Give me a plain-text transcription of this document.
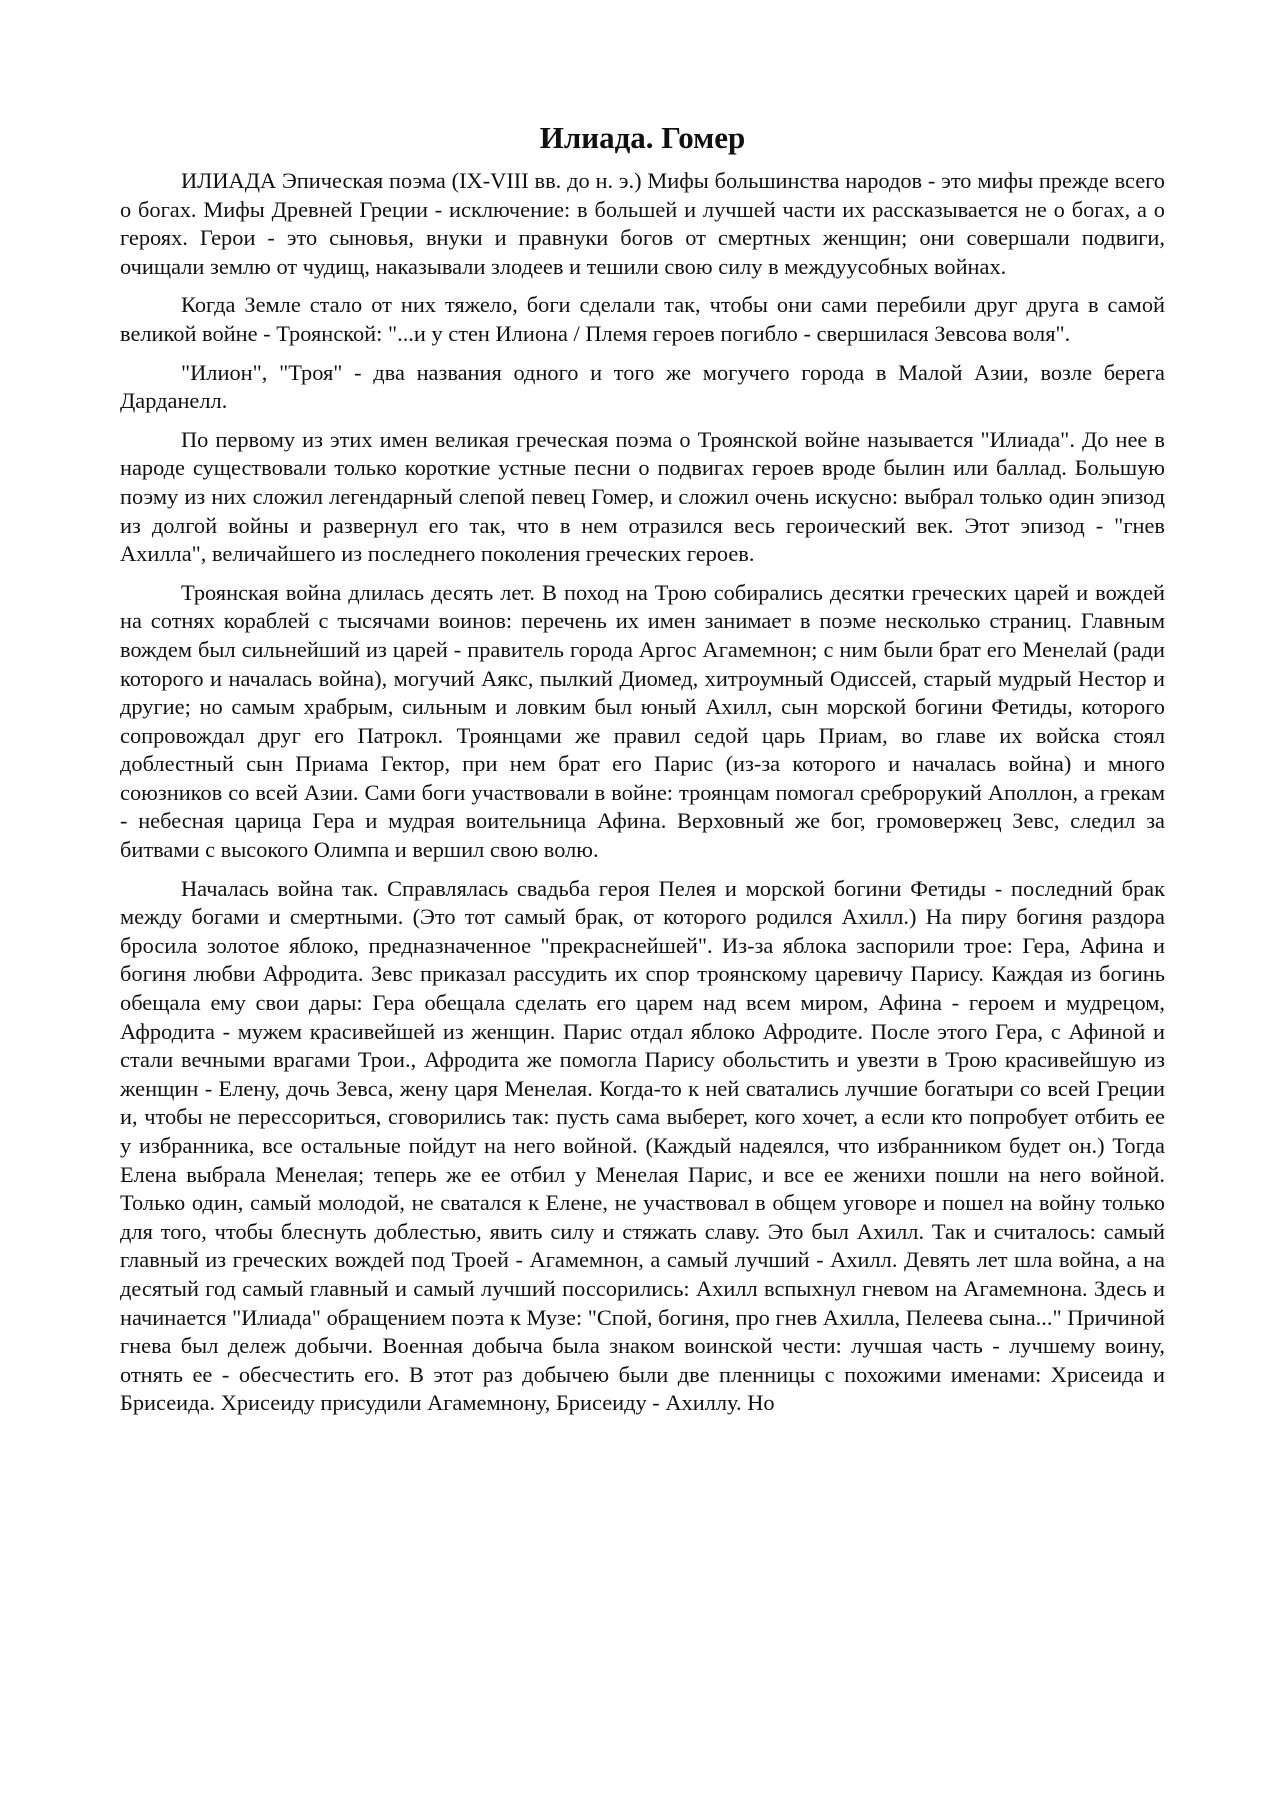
Илиада. Гомер

ИЛИАДА Эпическая поэма (IX-VIII вв. до н. э.) Мифы большинства народов - это мифы прежде всего о богах. Мифы Древней Греции - исключение: в большей и лучшей части их рассказывается не о богах, а о героях. Герои - это сыновья, внуки и правнуки богов от смертных женщин; они совершали подвиги, очищали землю от чудищ, наказывали злодеев и тешили свою силу в междуусобных войнах.

Когда Земле стало от них тяжело, боги сделали так, чтобы они сами перебили друг друга в самой великой войне - Троянской: "...и у стен Илиона / Племя героев погибло - свершилася Зевсова воля".

"Илион", "Троя" - два названия одного и того же могучего города в Малой Азии, возле берега Дарданелл.

По первому из этих имен великая греческая поэма о Троянской войне называется "Илиада". До нее в народе существовали только короткие устные песни о подвигах героев вроде былин или баллад. Большую поэму из них сложил легендарный слепой певец Гомер, и сложил очень искусно: выбрал только один эпизод из долгой войны и развернул его так, что в нем отразился весь героический век. Этот эпизод - "гнев Ахилла", величайшего из последнего поколения греческих героев.

Троянская война длилась десять лет. В поход на Трою собирались десятки греческих царей и вождей на сотнях кораблей с тысячами воинов: перечень их имен занимает в поэме несколько страниц. Главным вождем был сильнейший из царей - правитель города Аргос Агамемнон; с ним были брат его Менелай (ради которого и началась война), могучий Аякс, пылкий Диомед, хитроумный Одиссей, старый мудрый Нестор и другие; но самым храбрым, сильным и ловким был юный Ахилл, сын морской богини Фетиды, которого сопровождал друг его Патрокл. Троянцами же правил седой царь Приам, во главе их войска стоял доблестный сын Приама Гектор, при нем брат его Парис (из-за которого и началась война) и много союзников со всей Азии. Сами боги участвовали в войне: троянцам помогал среброрукий Аполлон, а грекам - небесная царица Гера и мудрая воительница Афина. Верховный же бог, громовержец Зевс, следил за битвами с высокого Олимпа и вершил свою волю.

Началась война так. Справлялась свадьба героя Пелея и морской богини Фетиды - последний брак между богами и смертными. (Это тот самый брак, от которого родился Ахилл.) На пиру богиня раздора бросила золотое яблоко, предназначенное "прекраснейшей". Из-за яблока заспорили трое: Гера, Афина и богиня любви Афродита. Зевс приказал рассудить их спор троянскому царевичу Парису. Каждая из богинь обещала ему свои дары: Гера обещала сделать его царем над всем миром, Афина - героем и мудрецом, Афродита - мужем красивейшей из женщин. Парис отдал яблоко Афродите. После этого Гера, с Афиной и стали вечными врагами Трои., Афродита же помогла Парису обольстить и увезти в Трою красивейшую из женщин - Елену, дочь Зевса, жену царя Менелая. Когда-то к ней сватались лучшие богатыри со всей Греции и, чтобы не перессориться, сговорились так: пусть сама выберет, кого хочет, а если кто попробует отбить ее у избранника, все остальные пойдут на него войной. (Каждый надеялся, что избранником будет он.) Тогда Елена выбрала Менелая; теперь же ее отбил у Менелая Парис, и все ее женихи пошли на него войной. Только один, самый молодой, не сватался к Елене, не участвовал в общем уговоре и пошел на войну только для того, чтобы блеснуть доблестью, явить силу и стяжать славу. Это был Ахилл. Так и считалось: самый главный из греческих вождей под Троей - Агамемнон, а самый лучший - Ахилл. Девять лет шла война, а на десятый год самый главный и самый лучший поссорились: Ахилл вспыхнул гневом на Агамемнона. Здесь и начинается "Илиада" обращением поэта к Музе: "Спой, богиня, про гнев Ахилла, Пелеева сына..." Причиной гнева был дележ добычи. Военная добыча была знаком воинской чести: лучшая часть - лучшему воину, отнять ее - обесчестить его. В этот раз добычею были две пленницы с похожими именами: Хрисеида и Брисеида. Хрисеиду присудили Агамемнону, Брисеиду - Ахиллу. Но
